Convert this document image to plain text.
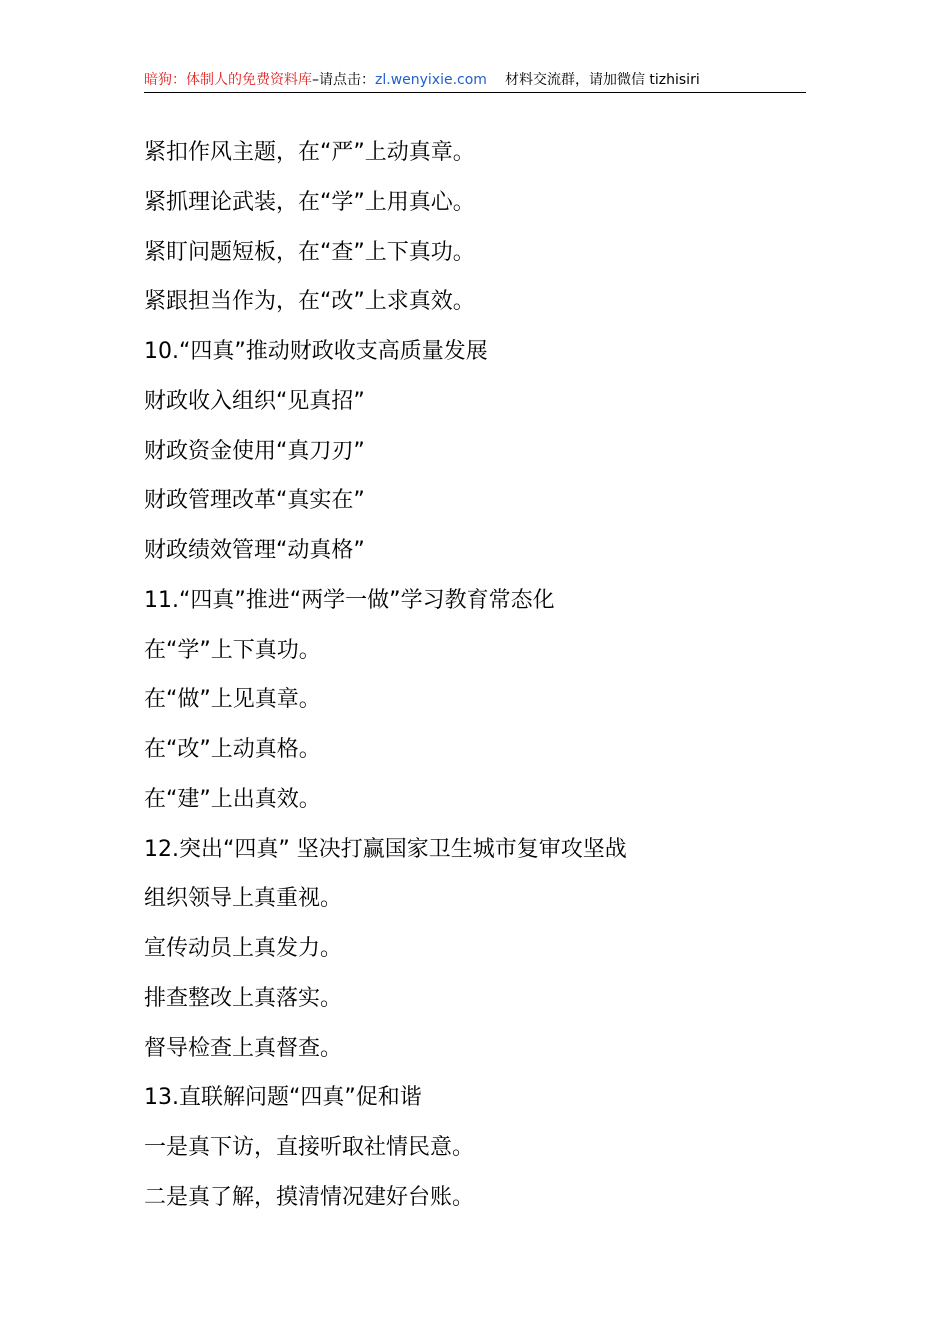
暗狗：体制人的免费资料库–请点击：zl.wenyixie.com 材料交流群，请加微信 tizhisiri
紧扣作风主题，在“严”上动真章。
紧抓理论武装，在“学”上用真心。
紧盯问题短板，在“查”上下真功。
紧跟担当作为，在“改”上求真效。
10.“四真”推动财政收支高质量发展
财政收入组织“见真招”
财政资金使用“真刀刃”
财政管理改革“真实在”
财政绩效管理“动真格”
11.“四真”推进“两学一做”学习教育常态化
在“学”上下真功。
在“做”上见真章。
在“改”上动真格。
在“建”上出真效。
12.突出“四真” 坚决打赢国家卫生城市复审攻坚战
组织领导上真重视。
宣传动员上真发力。
排查整改上真落实。
督导检查上真督查。
13.直联解问题“四真”促和谐
一是真下访，直接听取社情民意。
二是真了解，摸清情况建好台账。
